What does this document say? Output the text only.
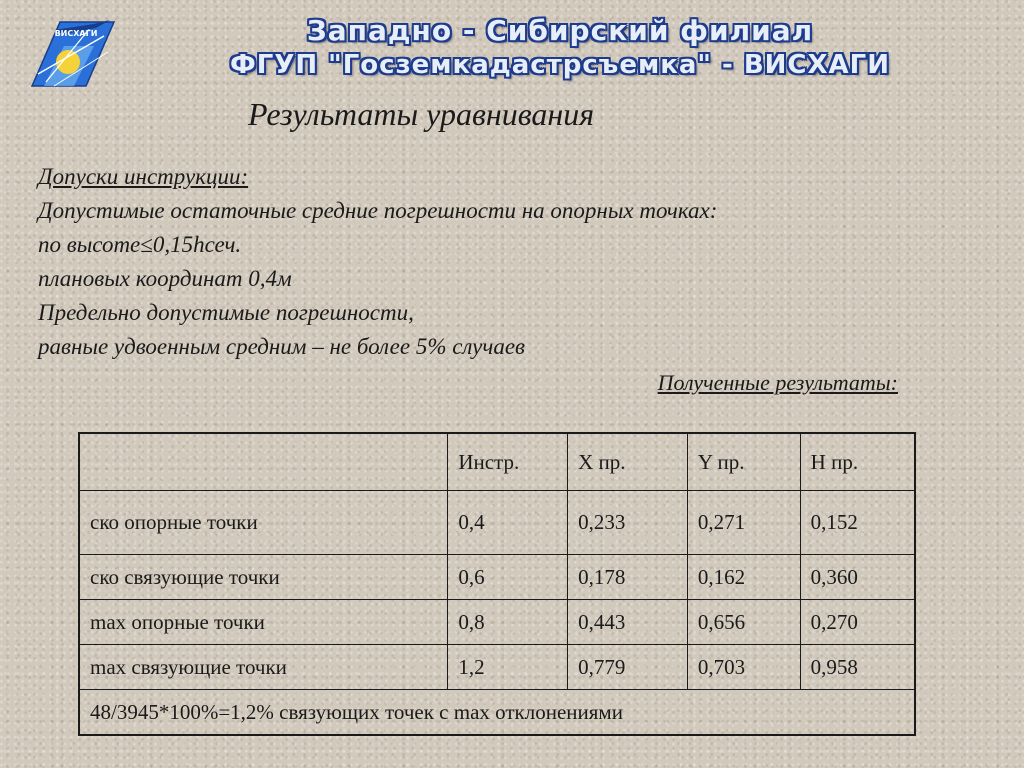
ВИСХАГИ	Западно - Сибирский филиал
ФГУП "Госземкадастрсъемка" - ВИСХАГИ
Результаты уравнивания
Допуски инструкции:
Допустимые остаточные средние погрешности на опорных точках:
по высоте≤0,15hсеч.
плановых координат 0,4м
Предельно допустимые погрешности,
равные удвоенным средним – не более 5% случаев
Полученные результаты:
	Инстр.	X пр.	Y пр.	H пр.
ско опорные точки	0,4	0,233	0,271	0,152
ско связующие точки	0,6	0,178	0,162	0,360
max опорные точки	0,8	0,443	0,656	0,270
max связующие точки	1,2	0,779	0,703	0,958
48/3945*100%=1,2% связующих точек с max отклонениями				
